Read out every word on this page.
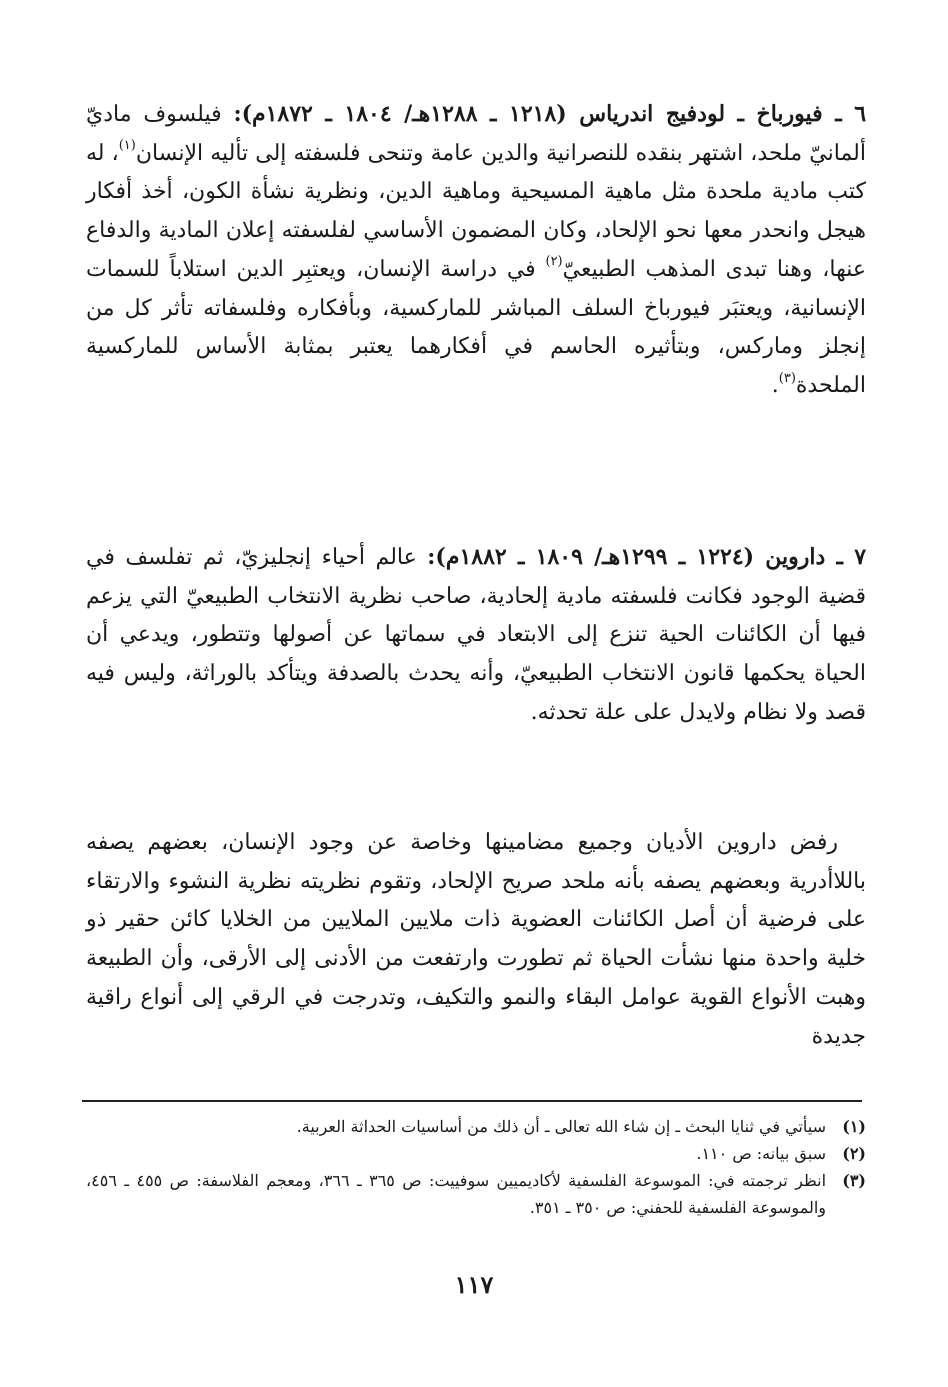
٦ ـ فيورباخ ـ لودفيج اندرياس (١٢١٨ ـ ١٢٨٨هـ/ ١٨٠٤ ـ ١٨٧٢م): فيلسوف ماديّ ألمانيّ ملحد، اشتهر بنقده للنصرانية والدين عامة وتنحى فلسفته إلى تأليه الإنسان$^{(١)}$، له كتب مادية ملحدة مثل ماهية المسيحية وماهية الدين، ونظرية نشأة الكون، أخذ أفكار هيجل وانحدر معها نحو الإلحاد، وكان المضمون الأساسي لفلسفته إعلان المادية والدفاع عنها، وهنا تبدى المذهب الطبيعيّ$^{(٢)}$ في دراسة الإنسان، ويعتبِر الدين استلاباً للسمات الإنسانية، ويعتبَر فيورباخ السلف المباشر للماركسية، وبأفكاره وفلسفاته تأثر كل من إنجلز وماركس، وبتأثيره الحاسم في أفكارهما يعتبر بمثابة الأساس للماركسية الملحدة$^{(٣)}$.

٧ ـ داروين (١٢٢٤ ـ ١٢٩٩هـ/ ١٨٠٩ ـ ١٨٨٢م): عالم أحياء إنجليزيّ، ثم تفلسف في قضية الوجود فكانت فلسفته مادية إلحادية، صاحب نظرية الانتخاب الطبيعيّ التي يزعم فيها أن الكائنات الحية تنزع إلى الابتعاد في سماتها عن أصولها وتتطور، ويدعي أن الحياة يحكمها قانون الانتخاب الطبيعيّ، وأنه يحدث بالصدفة ويتأكد بالوراثة، وليس فيه قصد ولا نظام ولايدل على علة تحدثه.

رفض داروين الأديان وجميع مضامينها وخاصة عن وجود الإنسان، بعضهم يصفه باللاأدرية وبعضهم يصفه بأنه ملحد صريح الإلحاد، وتقوم نظريته نظرية النشوء والارتقاء على فرضية أن أصل الكائنات العضوية ذات ملايين الملايين من الخلايا كائن حقير ذو خلية واحدة منها نشأت الحياة ثم تطورت وارتفعت من الأدنى إلى الأرقى، وأن الطبيعة وهبت الأنواع القوية عوامل البقاء والنمو والتكيف، وتدرجت في الرقي إلى أنواع راقية جديدة

(١)
سيأتي في ثنايا البحث ـ إن شاء الله تعالى ـ أن ذلك من أساسيات الحداثة العربية.
(٢)
سبق بيانه: ص ١١٠.
(٣)
انظر ترجمته في: الموسوعة الفلسفية لأكاديميين سوفييت: ص ٣٦٥ ـ ٣٦٦، ومعجم الفلاسفة: ص ٤٥٥ ـ ٤٥٦، والموسوعة الفلسفية للحفني: ص ٣٥٠ ـ ٣٥١.
١١٧
